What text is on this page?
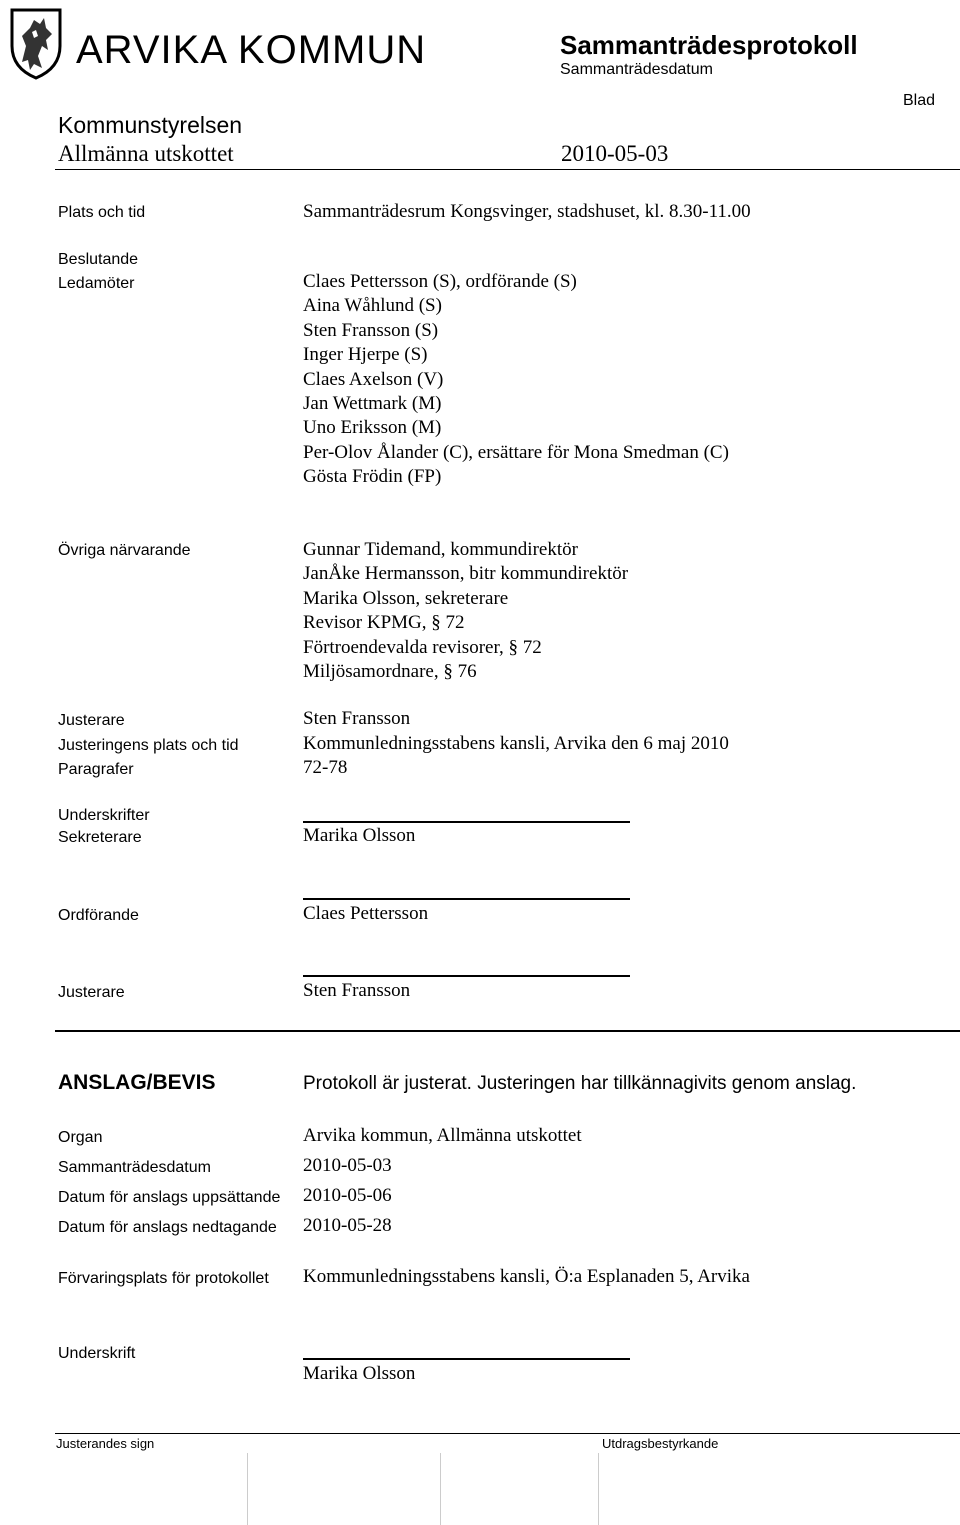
ARVIKA KOMMUN	Sammanträdesprotokoll
Sammanträdesdatum
Blad
Kommunstyrelsen
Allmänna utskottet	2010-05-03
Plats och tid	Sammanträdesrum Kongsvinger, stadshuset, kl. 8.30-11.00
Beslutande
Ledamöter	Claes Pettersson (S), ordförande (S)
Aina Wåhlund (S)
Sten Fransson (S)
Inger Hjerpe (S)
Claes Axelson (V)
Jan Wettmark (M)
Uno Eriksson (M)
Per-Olov Ålander (C), ersättare för Mona Smedman (C)
Gösta Frödin (FP)
Övriga närvarande	Gunnar Tidemand, kommundirektör
JanÅke Hermansson, bitr kommundirektör
Marika Olsson, sekreterare
Revisor KPMG, § 72
Förtroendevalda revisorer, § 72
Miljösamordnare, § 76
Justerare	Sten Fransson
Justeringens plats och tid	Kommunledningsstabens kansli, Arvika den 6 maj 2010
Paragrafer	72-78
Underskrifter
Sekreterare	Marika Olsson
Ordförande	Claes Pettersson
Justerare	Sten Fransson
ANSLAG/BEVIS	Protokoll är justerat. Justeringen har tillkännagivits genom anslag.
Organ	Arvika kommun, Allmänna utskottet
Sammanträdesdatum	2010-05-03
Datum för anslags uppsättande 2010-05-06
Datum för anslags nedtagande 2010-05-28
Förvaringsplats för protokollet Kommunledningsstabens kansli, Ö:a Esplanaden 5, Arvika
Underskrift
Marika Olsson
Justerandes sign	Utdragsbestyrkande
